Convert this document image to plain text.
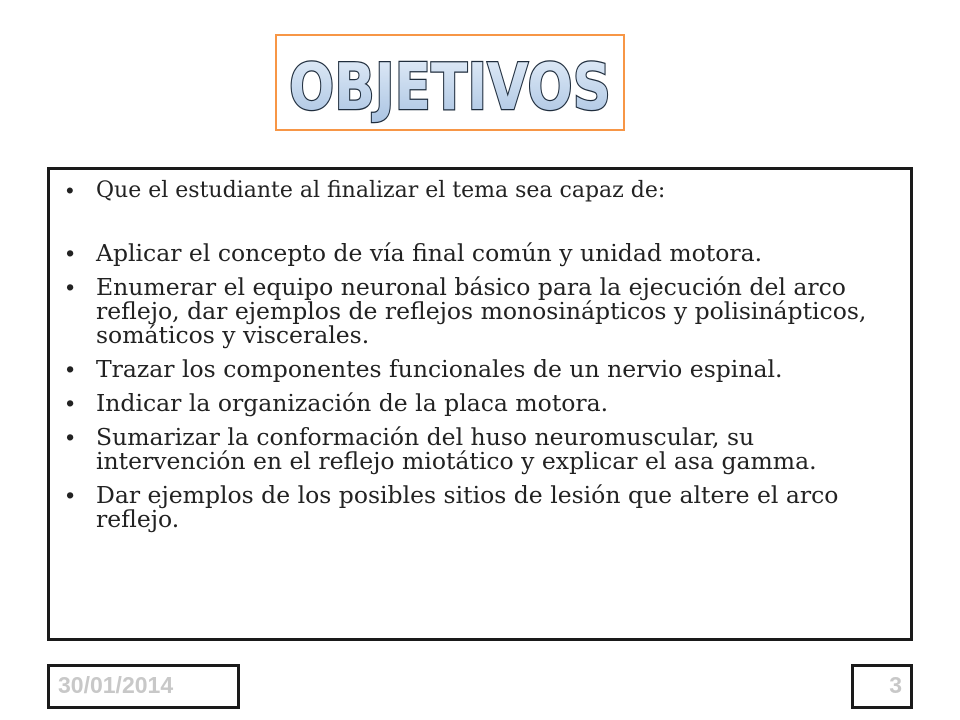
OBJETIVOS
• Que el estudiante al finalizar el tema sea capaz de:
• Aplicar el concepto de vía final común y unidad motora.
• Enumerar el equipo neuronal básico para la ejecución del arco reflejo, dar ejemplos de reflejos monosinápticos y polisinápticos, somáticos y viscerales.
• Trazar los componentes funcionales de un nervio espinal.
• Indicar la organización de la placa motora.
• Sumarizar la conformación del huso neuromuscular, su intervención en el reflejo miotático y explicar el asa gamma.
• Dar ejemplos de los posibles sitios de lesión que altere el arco reflejo.
30/01/2014	3
